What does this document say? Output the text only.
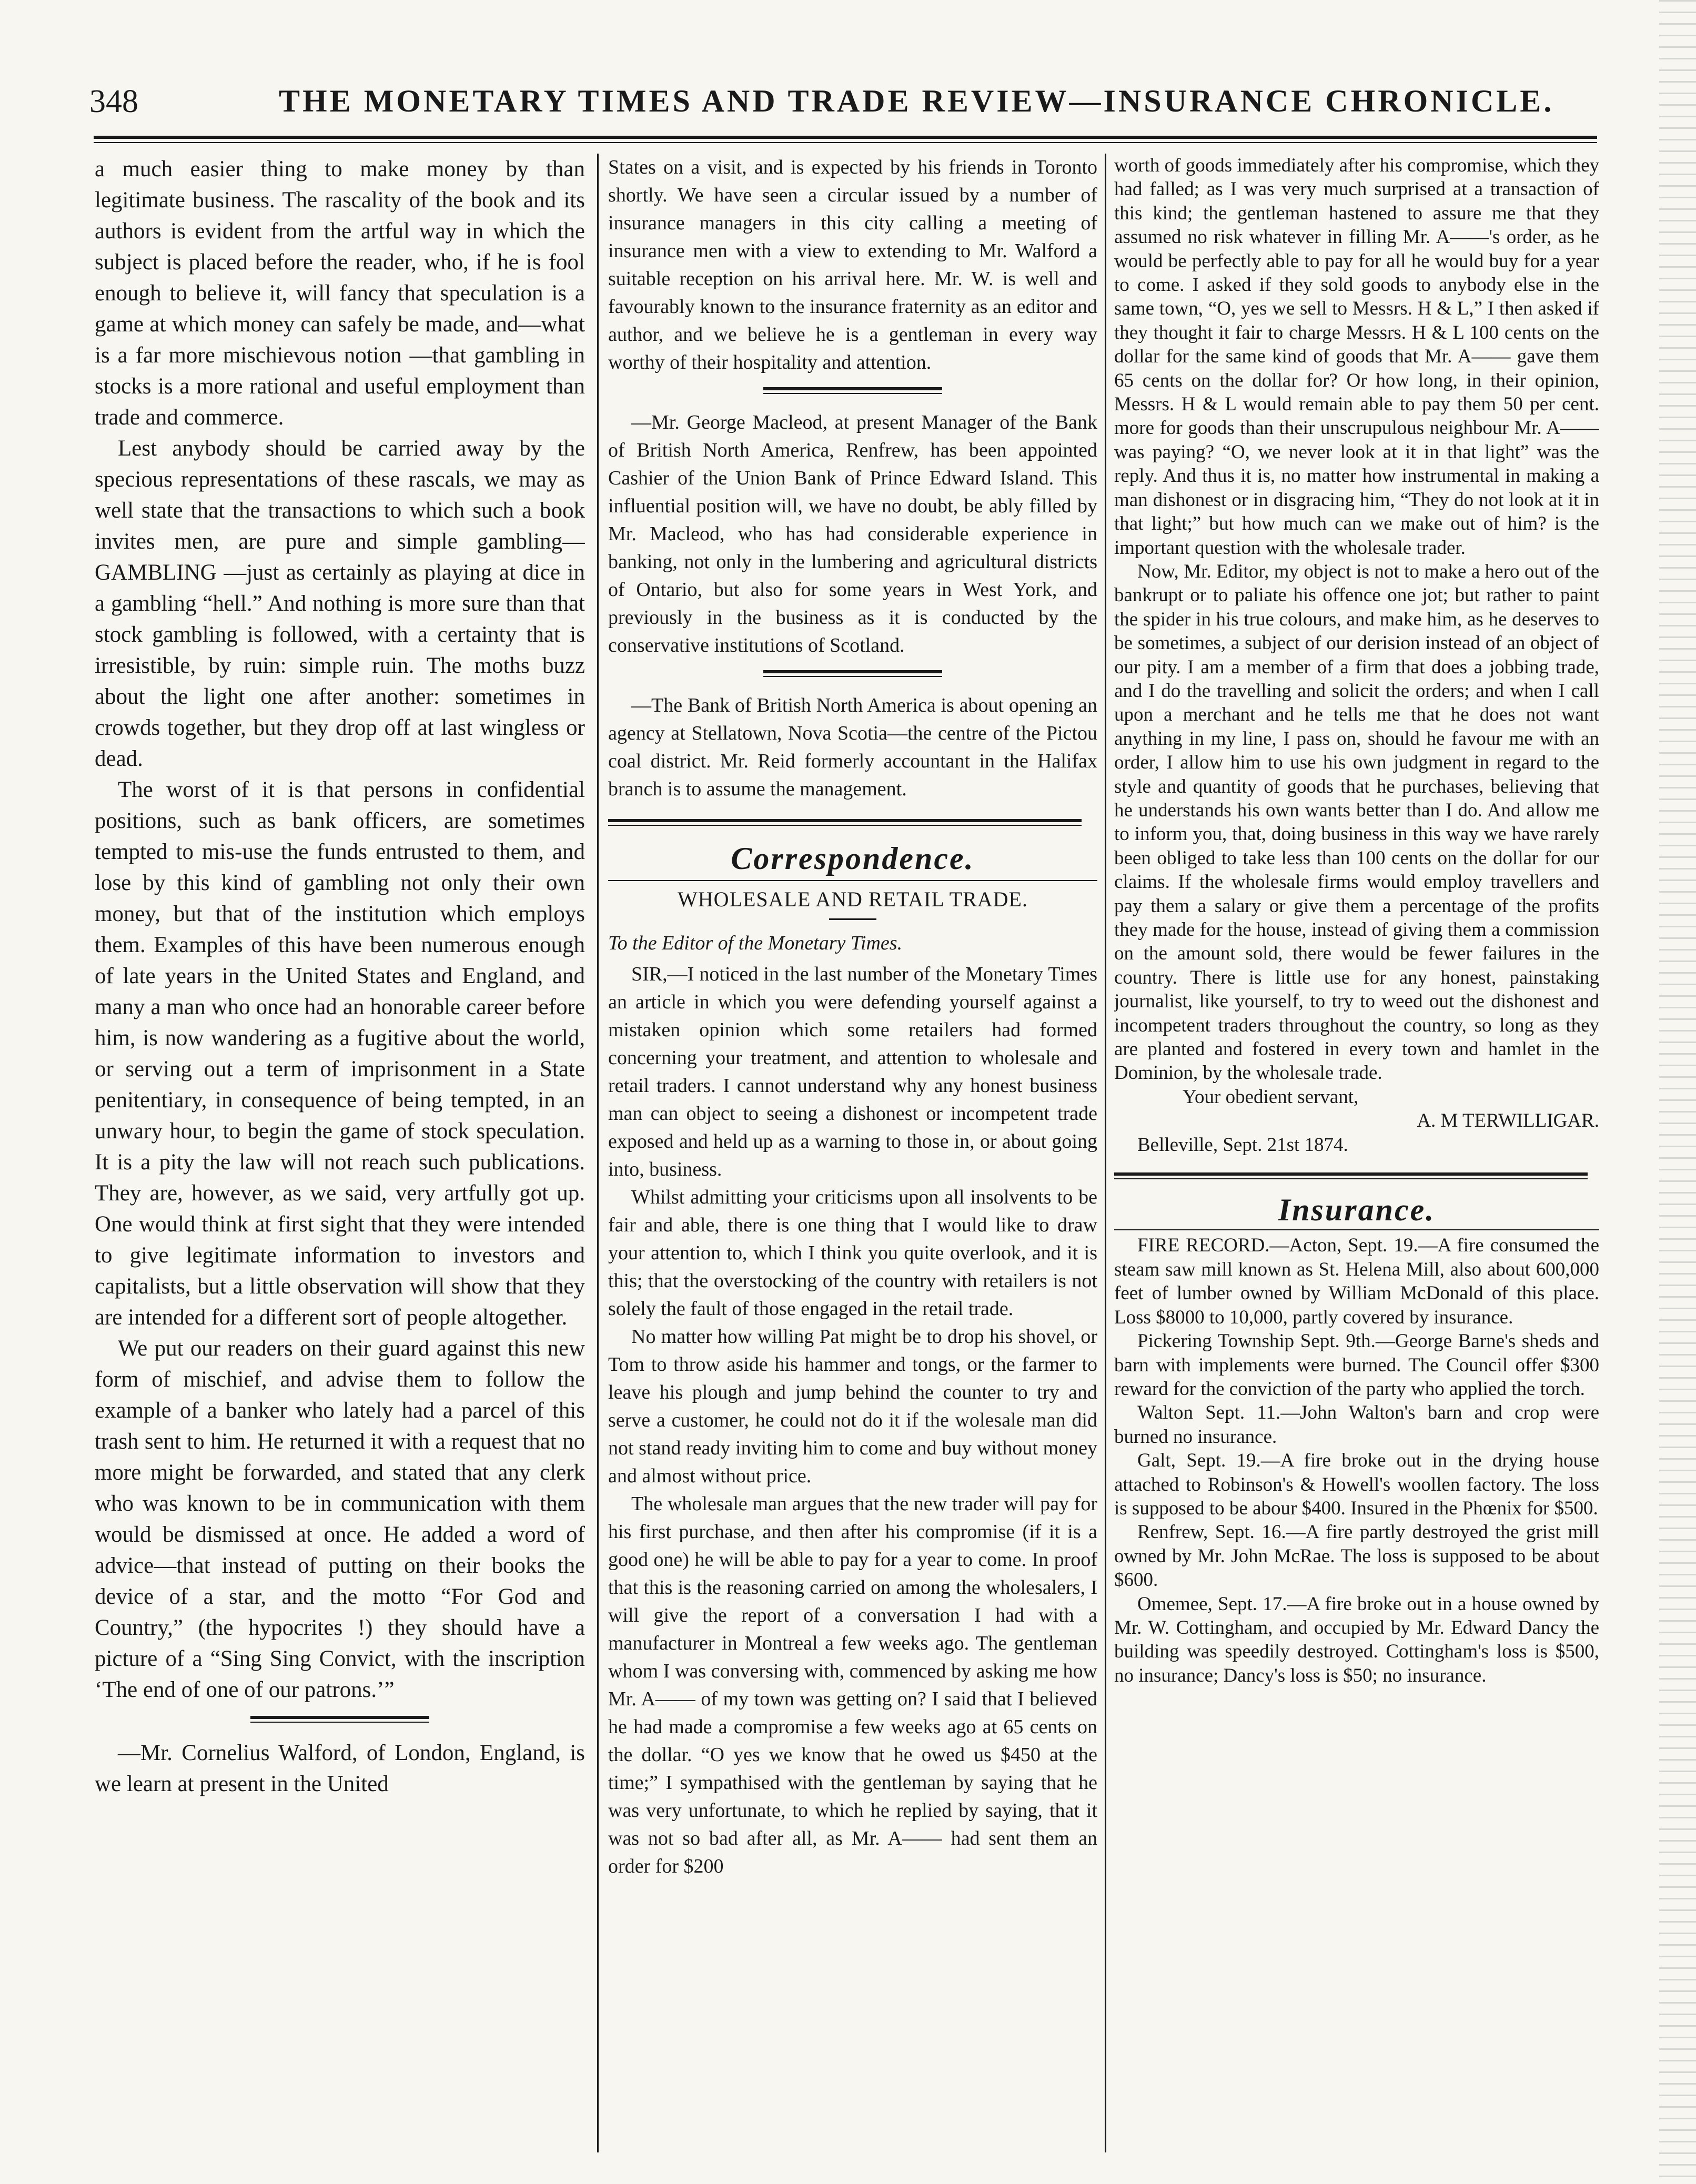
348	THE MONETARY TIMES AND TRADE REVIEW—INSURANCE CHRONICLE.

a much easier thing to make money by than legitimate business. The rascality of the book and its authors is evident from the artful way in which the subject is placed before the reader, who, if he is fool enough to believe it, will fancy that speculation is a game at which money can safely be made, and—what is a far more mischievous notion —that gambling in stocks is a more rational and useful employment than trade and commerce.

Lest anybody should be carried away by the specious representations of these rascals, we may as well state that the transactions to which such a book invites men, are pure and simple gambling—GAMBLING —just as certainly as playing at dice in a gambling “hell.” And nothing is more sure than that stock gambling is followed, with a certainty that is irresistible, by ruin: simple ruin. The moths buzz about the light one after another: sometimes in crowds together, but they drop off at last wingless or dead.

The worst of it is that persons in confidential positions, such as bank officers, are sometimes tempted to mis-use the funds entrusted to them, and lose by this kind of gambling not only their own money, but that of the institution which employs them. Examples of this have been numerous enough of late years in the United States and England, and many a man who once had an honorable career before him, is now wandering as a fugitive about the world, or serving out a term of imprisonment in a State penitentiary, in consequence of being tempted, in an unwary hour, to begin the game of stock speculation. It is a pity the law will not reach such publications. They are, however, as we said, very artfully got up. One would think at first sight that they were intended to give legitimate information to investors and capitalists, but a little observation will show that they are intended for a different sort of people altogether.

We put our readers on their guard against this new form of mischief, and advise them to follow the example of a banker who lately had a parcel of this trash sent to him. He returned it with a request that no more might be forwarded, and stated that any clerk who was known to be in communication with them would be dismissed at once. He added a word of advice—that instead of putting on their books the device of a star, and the motto “For God and Country,” (the hypocrites !) they should have a picture of a “Sing Sing Convict, with the inscription ‘The end of one of our patrons.’”

—Mr. Cornelius Walford, of London, England, is we learn at present in the United

States on a visit, and is expected by his friends in Toronto shortly. We have seen a circular issued by a number of insurance managers in this city calling a meeting of insurance men with a view to extending to Mr. Walford a suitable reception on his arrival here. Mr. W. is well and favourably known to the insurance fraternity as an editor and author, and we believe he is a gentleman in every way worthy of their hospitality and attention.

—Mr. George Macleod, at present Manager of the Bank of British North America, Renfrew, has been appointed Cashier of the Union Bank of Prince Edward Island. This influential position will, we have no doubt, be ably filled by Mr. Macleod, who has had considerable experience in banking, not only in the lumbering and agricultural districts of Ontario, but also for some years in West York, and previously in the business as it is conducted by the conservative institutions of Scotland.

—The Bank of British North America is about opening an agency at Stellatown, Nova Scotia—the centre of the Pictou coal district. Mr. Reid formerly accountant in the Halifax branch is to assume the management.

Correspondence.
WHOLESALE AND RETAIL TRADE.
To the Editor of the Monetary Times.

SIR,—I noticed in the last number of the Monetary Times an article in which you were defending yourself against a mistaken opinion which some retailers had formed concerning your treatment, and attention to wholesale and retail traders. I cannot understand why any honest business man can object to seeing a dishonest or incompetent trade exposed and held up as a warning to those in, or about going into, business.

Whilst admitting your criticisms upon all insolvents to be fair and able, there is one thing that I would like to draw your attention to, which I think you quite overlook, and it is this; that the overstocking of the country with retailers is not solely the fault of those engaged in the retail trade.

No matter how willing Pat might be to drop his shovel, or Tom to throw aside his hammer and tongs, or the farmer to leave his plough and jump behind the counter to try and serve a customer, he could not do it if the wolesale man did not stand ready inviting him to come and buy without money and almost without price.

The wholesale man argues that the new trader will pay for his first purchase, and then after his compromise (if it is a good one) he will be able to pay for a year to come. In proof that this is the reasoning carried on among the wholesalers, I will give the report of a conversation I had with a manufacturer in Montreal a few weeks ago. The gentleman whom I was conversing with, commenced by asking me how Mr. A—— of my town was getting on? I said that I believed he had made a compromise a few weeks ago at 65 cents on the dollar. “O yes we know that he owed us $450 at the time;” I sympathised with the gentleman by saying that he was very unfortunate, to which he replied by saying, that it was not so bad after all, as Mr. A—— had sent them an order for $200

worth of goods immediately after his compromise, which they had falled; as I was very much surprised at a transaction of this kind; the gentleman hastened to assure me that they assumed no risk whatever in filling Mr. A——'s order, as he would be perfectly able to pay for all he would buy for a year to come. I asked if they sold goods to anybody else in the same town, “O, yes we sell to Messrs. H & L,” I then asked if they thought it fair to charge Messrs. H & L 100 cents on the dollar for the same kind of goods that Mr. A—— gave them 65 cents on the dollar for? Or how long, in their opinion, Messrs. H & L would remain able to pay them 50 per cent. more for goods than their unscrupulous neighbour Mr. A—— was paying? “O, we never look at it in that light” was the reply. And thus it is, no matter how instrumental in making a man dishonest or in disgracing him, “They do not look at it in that light;” but how much can we make out of him? is the important question with the wholesale trader.

Now, Mr. Editor, my object is not to make a hero out of the bankrupt or to paliate his offence one jot; but rather to paint the spider in his true colours, and make him, as he deserves to be sometimes, a subject of our derision instead of an object of our pity. I am a member of a firm that does a jobbing trade, and I do the travelling and solicit the orders; and when I call upon a merchant and he tells me that he does not want anything in my line, I pass on, should he favour me with an order, I allow him to use his own judgment in regard to the style and quantity of goods that he purchases, believing that he understands his own wants better than I do. And allow me to inform you, that, doing business in this way we have rarely been obliged to take less than 100 cents on the dollar for our claims. If the wholesale firms would employ travellers and pay them a salary or give them a percentage of the profits they made for the house, instead of giving them a commission on the amount sold, there would be fewer failures in the country. There is little use for any honest, painstaking journalist, like yourself, to try to weed out the dishonest and incompetent traders throughout the country, so long as they are planted and fostered in every town and hamlet in the Dominion, by the wholesale trade.

Your obedient servant,

A. M TERWILLIGAR.

Belleville, Sept. 21st 1874.

Insurance.

FIRE RECORD.—Acton, Sept. 19.—A fire consumed the steam saw mill known as St. Helena Mill, also about 600,000 feet of lumber owned by William McDonald of this place. Loss $8000 to 10,000, partly covered by insurance.

Pickering Township Sept. 9th.—George Barne's sheds and barn with implements were burned. The Council offer $300 reward for the conviction of the party who applied the torch.

Walton Sept. 11.—John Walton's barn and crop were burned no insurance.

Galt, Sept. 19.—A fire broke out in the drying house attached to Robinson's & Howell's woollen factory. The loss is supposed to be abour $400. Insured in the Phœnix for $500.

Renfrew, Sept. 16.—A fire partly destroyed the grist mill owned by Mr. John McRae. The loss is supposed to be about $600.

Omemee, Sept. 17.—A fire broke out in a house owned by Mr. W. Cottingham, and occupied by Mr. Edward Dancy the building was speedily destroyed. Cottingham's loss is $500, no insurance; Dancy's loss is $50; no insurance.
